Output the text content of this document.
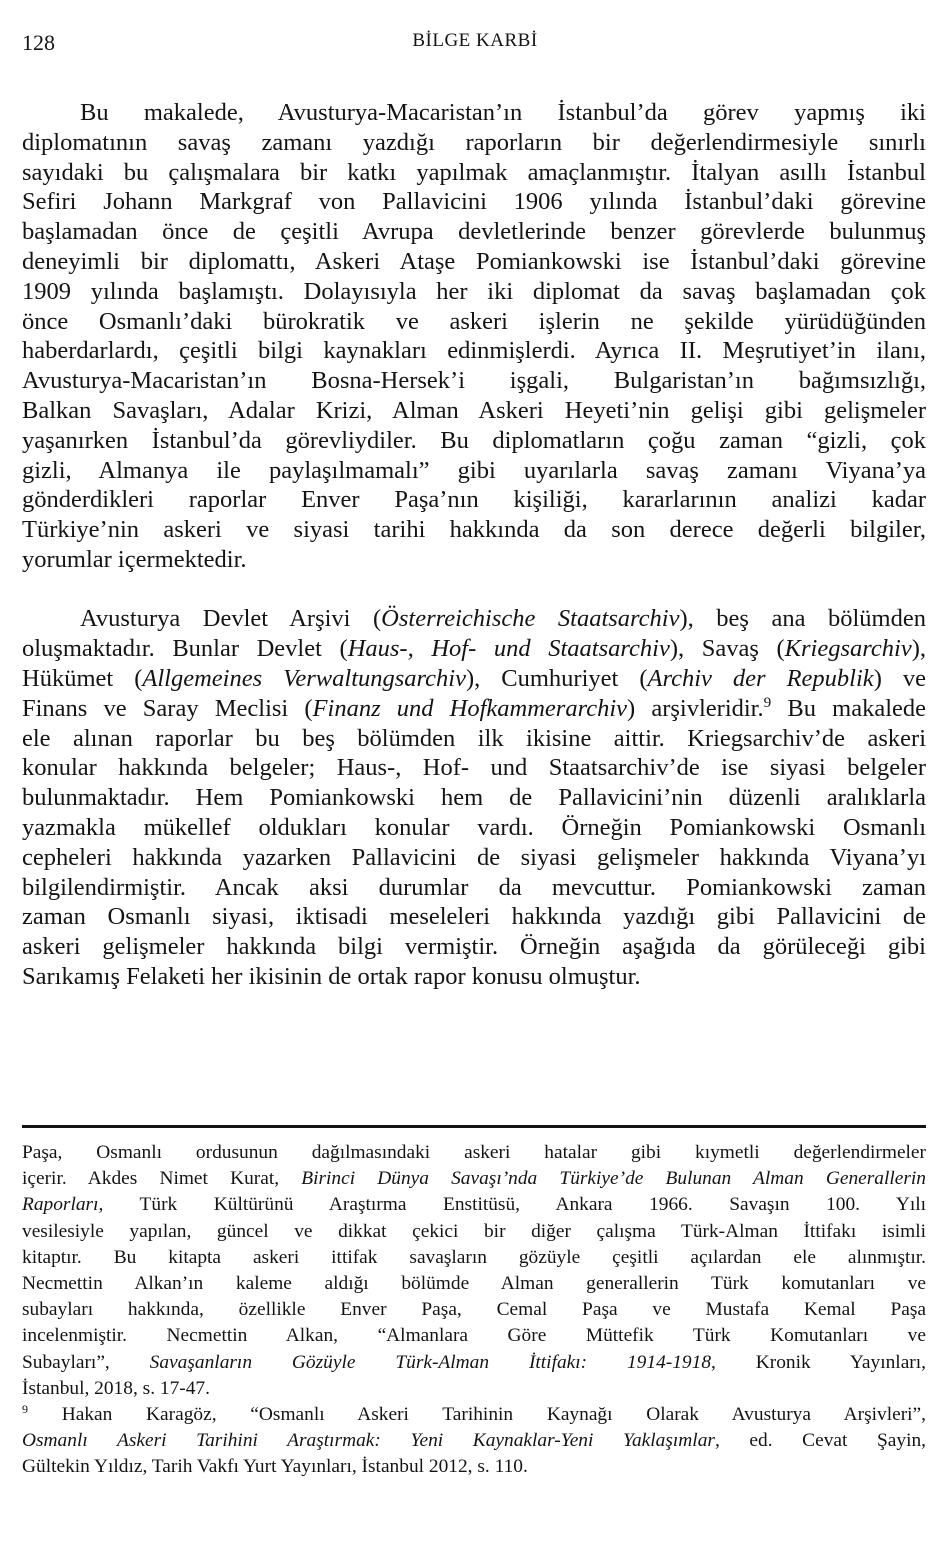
128	BİLGE KARBİ
Bu makalede, Avusturya-Macaristan’ın İstanbul’da görev yapmış iki
diplomatının savaş zamanı yazdığı raporların bir değerlendirmesiyle sınırlı
sayıdaki bu çalışmalara bir katkı yapılmak amaçlanmıştır. İtalyan asıllı İstanbul
Sefiri Johann Markgraf von Pallavicini 1906 yılında İstanbul’daki görevine
başlamadan önce de çeşitli Avrupa devletlerinde benzer görevlerde bulunmuş
deneyimli bir diplomattı, Askeri Ataşe Pomiankowski ise İstanbul’daki görevine
1909 yılında başlamıştı. Dolayısıyla her iki diplomat da savaş başlamadan çok
önce Osmanlı’daki bürokratik ve askeri işlerin ne şekilde yürüdüğünden
haberdarlardı, çeşitli bilgi kaynakları edinmişlerdi. Ayrıca II. Meşrutiyet’in ilanı,
Avusturya-Macaristan’ın Bosna-Hersek’i işgali, Bulgaristan’ın bağımsızlığı,
Balkan Savaşları, Adalar Krizi, Alman Askeri Heyeti’nin gelişi gibi gelişmeler
yaşanırken İstanbul’da görevliydiler. Bu diplomatların çoğu zaman “gizli, çok
gizli, Almanya ile paylaşılmamalı” gibi uyarılarla savaş zamanı Viyana’ya
gönderdikleri raporlar Enver Paşa’nın kişiliği, kararlarının analizi kadar
Türkiye’nin askeri ve siyasi tarihi hakkında da son derece değerli bilgiler,
yorumlar içermektedir.
Avusturya Devlet Arşivi (Österreichische Staatsarchiv), beş ana bölümden
oluşmaktadır. Bunlar Devlet (Haus-, Hof- und Staatsarchiv), Savaş (Kriegsarchiv),
Hükümet (Allgemeines Verwaltungsarchiv), Cumhuriyet (Archiv der Republik) ve
Finans ve Saray Meclisi (Finanz und Hofkammerarchiv) arşivleridir.$^9$ Bu makalede
ele alınan raporlar bu beş bölümden ilk ikisine aittir. Kriegsarchiv’de askeri
konular hakkında belgeler; Haus-, Hof- und Staatsarchiv’de ise siyasi belgeler
bulunmaktadır. Hem Pomiankowski hem de Pallavicini’nin düzenli aralıklarla
yazmakla mükellef oldukları konular vardı. Örneğin Pomiankowski Osmanlı
cepheleri hakkında yazarken Pallavicini de siyasi gelişmeler hakkında Viyana’yı
bilgilendirmiştir. Ancak aksi durumlar da mevcuttur. Pomiankowski zaman
zaman Osmanlı siyasi, iktisadi meseleleri hakkında yazdığı gibi Pallavicini de
askeri gelişmeler hakkında bilgi vermiştir. Örneğin aşağıda da görüleceği gibi
Sarıkamış Felaketi her ikisinin de ortak rapor konusu olmuştur.
Paşa, Osmanlı ordusunun dağılmasındaki askeri hatalar gibi kıymetli değerlendirmeler
içerir. Akdes Nimet Kurat, Birinci Dünya Savaşı’nda Türkiye’de Bulunan Alman Generallerin
Raporları, Türk Kültürünü Araştırma Enstitüsü, Ankara 1966. Savaşın 100. Yılı
vesilesiyle yapılan, güncel ve dikkat çekici bir diğer çalışma Türk-Alman İttifakı isimli
kitaptır. Bu kitapta askeri ittifak savaşların gözüyle çeşitli açılardan ele alınmıştır.
Necmettin Alkan’ın kaleme aldığı bölümde Alman generallerin Türk komutanları ve
subayları hakkında, özellikle Enver Paşa, Cemal Paşa ve Mustafa Kemal Paşa
incelenmiştir. Necmettin Alkan, “Almanlara Göre Müttefik Türk Komutanları ve
Subayları”, Savaşanların Gözüyle Türk-Alman İttifakı: 1914-1918, Kronik Yayınları,
İstanbul, 2018, s. 17-47.
$^9$ Hakan Karagöz, “Osmanlı Askeri Tarihinin Kaynağı Olarak Avusturya Arşivleri”,
Osmanlı Askeri Tarihini Araştırmak: Yeni Kaynaklar-Yeni Yaklaşımlar, ed. Cevat Şayin,
Gültekin Yıldız, Tarih Vakfı Yurt Yayınları, İstanbul 2012, s. 110.
